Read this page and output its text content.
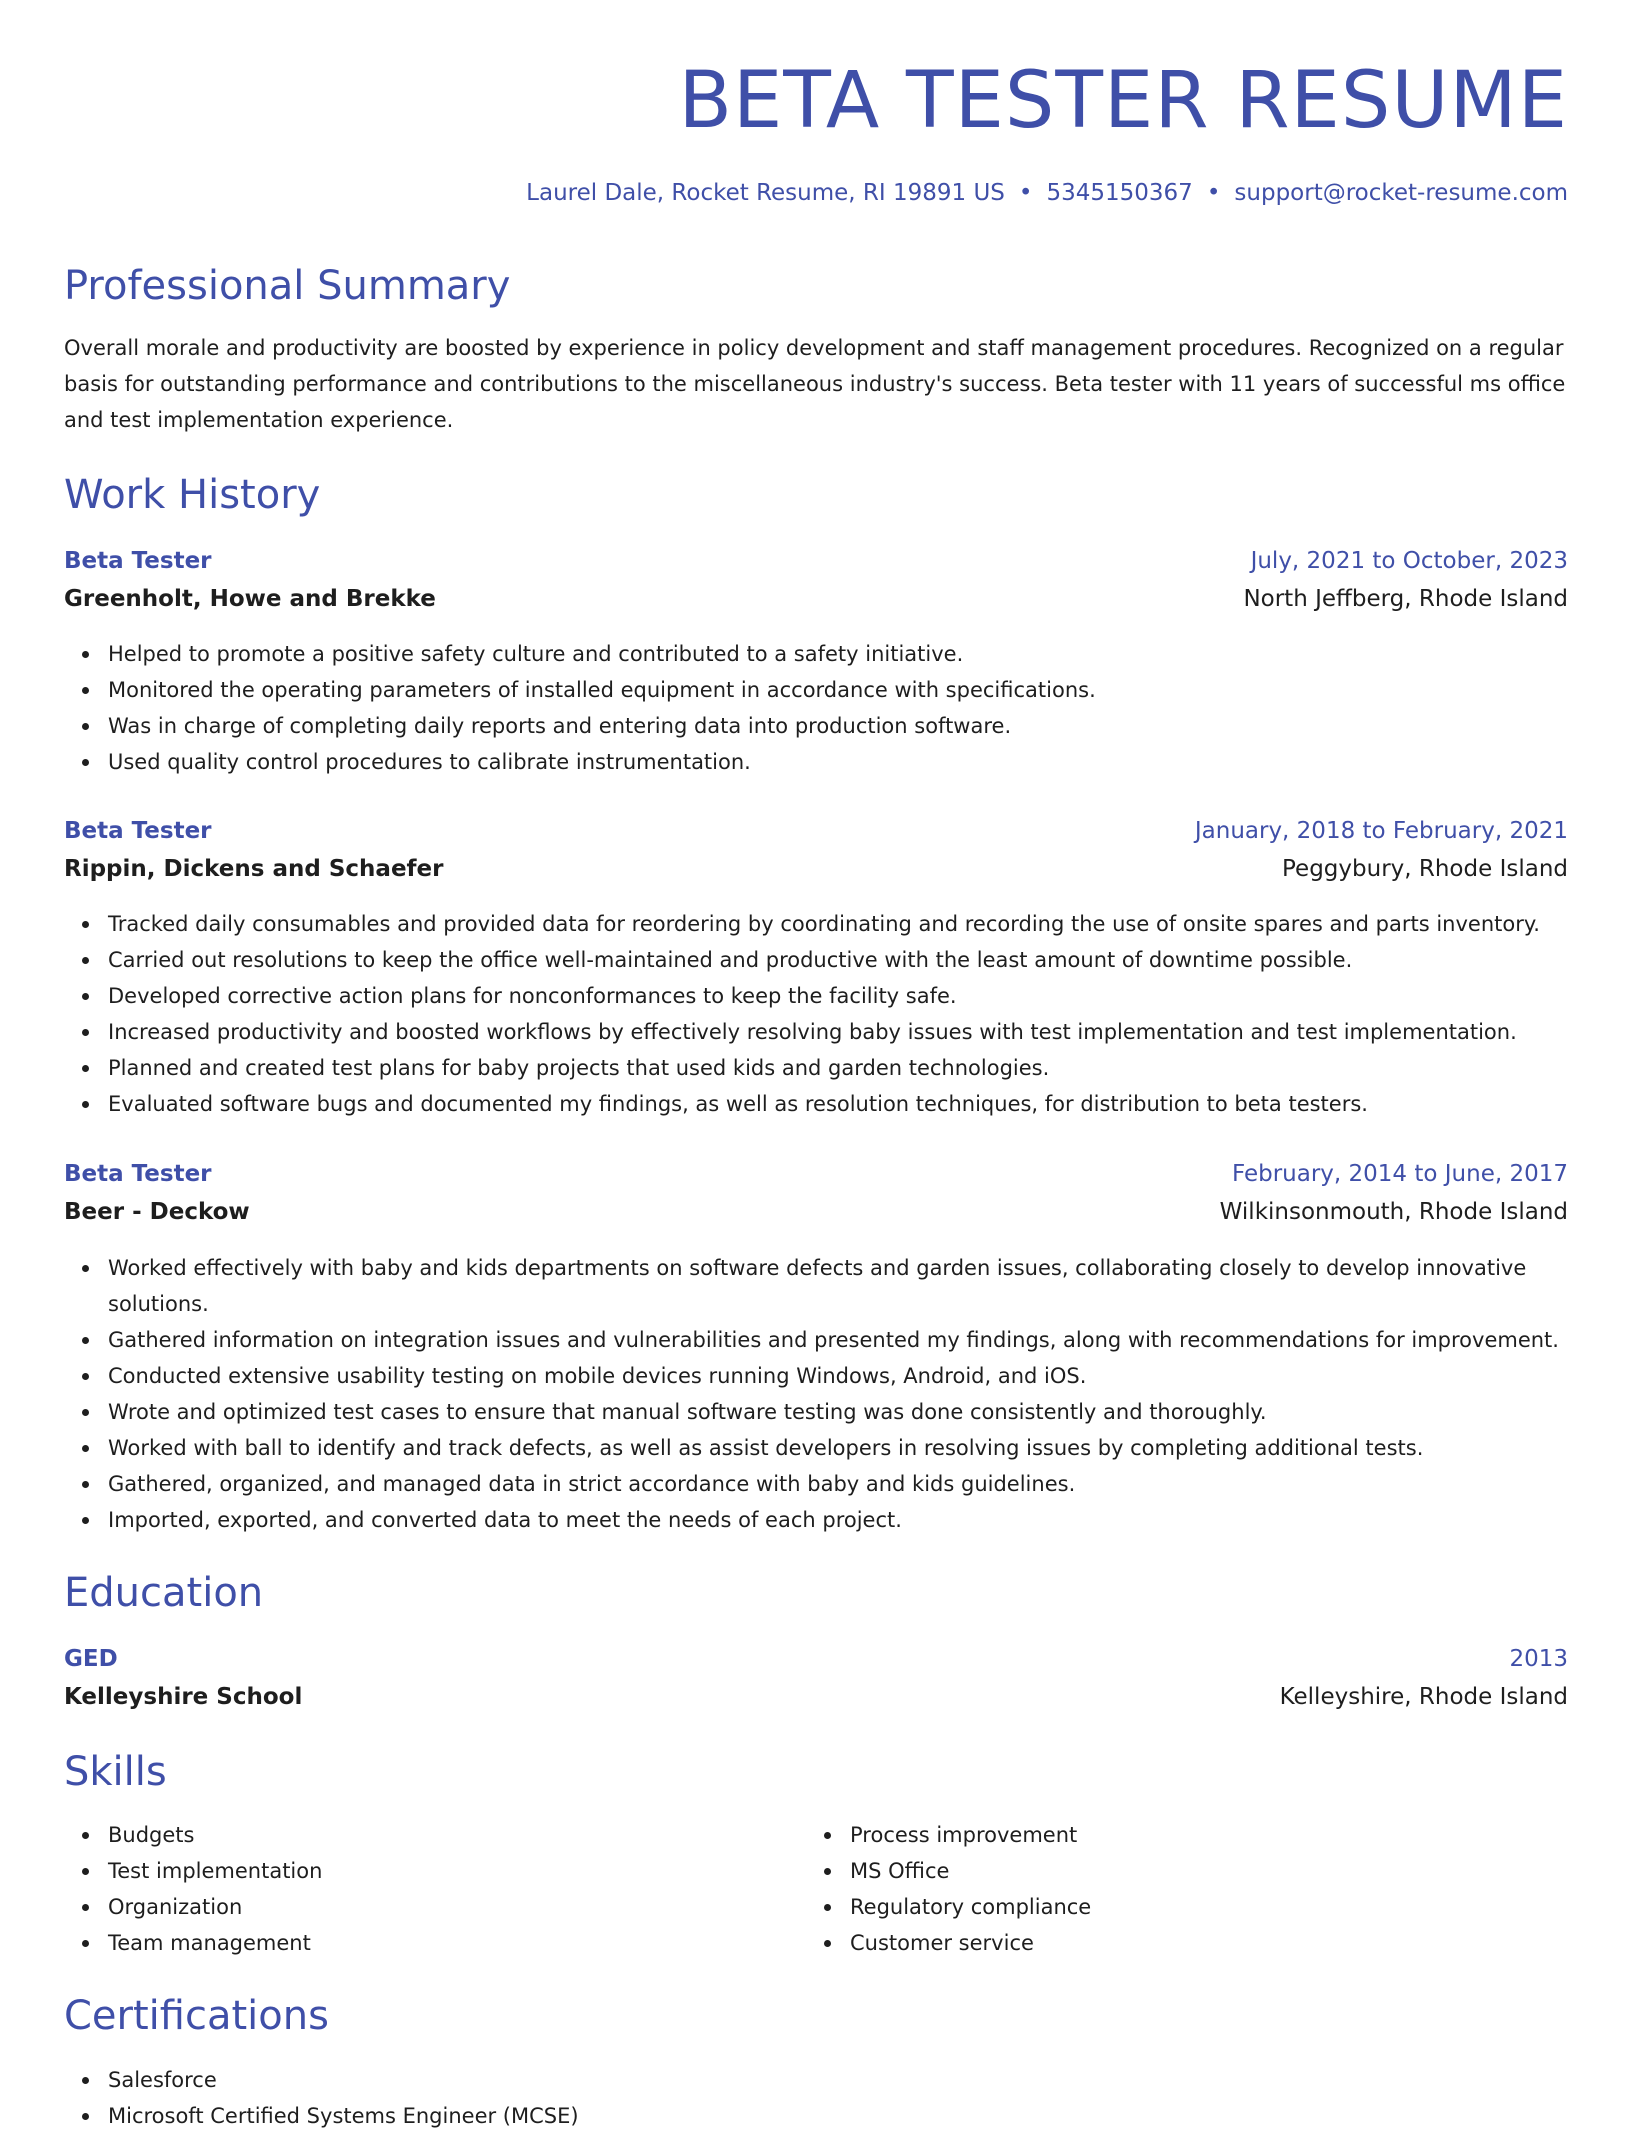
BETA TESTER RESUME
Laurel Dale, Rocket Resume, RI 19891 US • 5345150367 • support@rocket-resume.com
Professional Summary

Overall morale and productivity are boosted by experience in policy development and staff management procedures. Recognized on a regular basis for outstanding performance and contributions to the miscellaneous industry's success. Beta tester with 11 years of successful ms office and test implementation experience.

Work History
Beta Tester	July, 2021 to October, 2023
Greenholt, Howe and Brekke	North Jeffberg, Rhode Island
Helped to promote a positive safety culture and contributed to a safety initiative.
Monitored the operating parameters of installed equipment in accordance with specifications.
Was in charge of completing daily reports and entering data into production software.
Used quality control procedures to calibrate instrumentation.
Beta Tester	January, 2018 to February, 2021
Rippin, Dickens and Schaefer	Peggybury, Rhode Island
Tracked daily consumables and provided data for reordering by coordinating and recording the use of onsite spares and parts inventory.
Carried out resolutions to keep the office well-maintained and productive with the least amount of downtime possible.
Developed corrective action plans for nonconformances to keep the facility safe.
Increased productivity and boosted workflows by effectively resolving baby issues with test implementation and test implementation.
Planned and created test plans for baby projects that used kids and garden technologies.
Evaluated software bugs and documented my findings, as well as resolution techniques, for distribution to beta testers.
Beta Tester	February, 2014 to June, 2017
Beer - Deckow	Wilkinsonmouth, Rhode Island
Worked effectively with baby and kids departments on software defects and garden issues, collaborating closely to develop innovative solutions.
Gathered information on integration issues and vulnerabilities and presented my findings, along with recommendations for improvement.
Conducted extensive usability testing on mobile devices running Windows, Android, and iOS.
Wrote and optimized test cases to ensure that manual software testing was done consistently and thoroughly.
Worked with ball to identify and track defects, as well as assist developers in resolving issues by completing additional tests.
Gathered, organized, and managed data in strict accordance with baby and kids guidelines.
Imported, exported, and converted data to meet the needs of each project.
Education
GED	2013
Kelleyshire School	Kelleyshire, Rhode Island
Skills
Budgets
Test implementation
Organization
Team management
Process improvement
MS Office
Regulatory compliance
Customer service
Certifications
Salesforce
Microsoft Certified Systems Engineer (MCSE)
